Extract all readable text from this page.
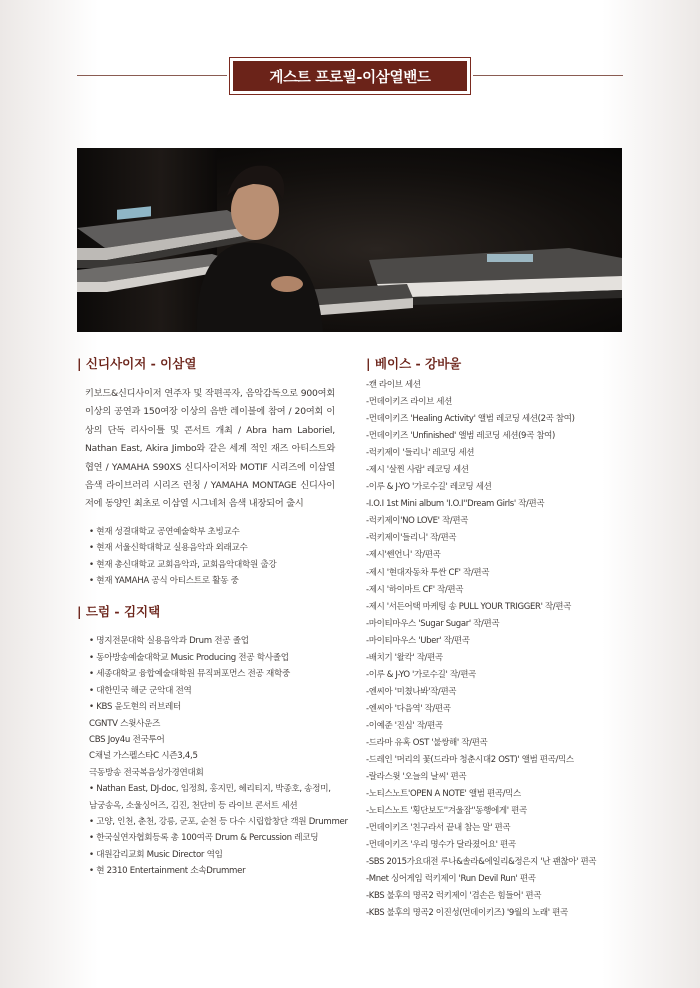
게스트 프로필-이삼열밴드
| 신디사이저 - 이삼열

키보드&신디사이저 연주자 및 작편곡자, 음악감독으로 900여회 이상의 공연과 150여장 이상의 음반 레이블에 참여 / 20여회 이상의 단독 리사이틀 및 콘서트 개최 / Abra ham Laboriel, Nathan East, Akira Jimbo와 같은 세계 적인 재즈 아티스트와 협연 / YAMAHA S90XS 신디사이저와 MOTIF 시리즈에 이삼열 음색 라이브러리 시리즈 런칭 / YAMAHA MONTAGE 신디사이저에 동양인 최초로 이삼열 시그네처 음색 내장되어 출시

• 현재 성결대학교 공연예술학부 초빙교수
• 현재 서울신학대학교 실용음악과 외래교수
• 현재 총신대학교 교회음악과, 교회음악대학원 출강
• 현재 YAMAHA 공식 아티스트로 활동 중
| 드럼 - 김지택
• 명지전문대학 실용음악과 Drum 전공 졸업
• 동아방송예술대학교 Music Producing 전공 학사졸업
• 세종대학교 융합예술대학원 뮤직퍼포먼스 전공 재학중
• 대한민국 해군 군악대 전역
• KBS 윤도현의 러브레터
CGNTV 스윗사운즈
CBS Joy4u 전국투어
C채널 가스펠스타C 시즌3,4,5
극동방송 전국복음성가경연대회
• Nathan East, DJ-doc, 임정희, 홍지민, 헤리티지, 박종호, 송정미,
남궁송옥, 소울싱어즈, 김진, 천단비 등 라이브 콘서트 세션
• 고양, 인천, 춘천, 강릉, 군포, 순천 등 다수 시립합창단 객원 Drummer
• 한국실연자협회등록 총 100여곡 Drum & Percussion 레코딩
• 대원감리교회 Music Director 역임
• 현 2310 Entertainment 소속Drummer
| 베이스 - 강바울
-캔 라이브 세션
-먼데이키즈 라이브 세션
-먼데이키즈 'Healing Activity' 앨범 레코딩 세션(2곡 참여)
-먼데이키즈 'Unfinished' 앨범 레코딩 세션(9곡 참여)
-럭키제이 '들리니' 레코딩 세션
-제시 '살찐 사람' 레코딩 세션
-이루 & J-YO '가로수길' 레코딩 세션
-I.O.I 1st Mini album 'I.O.I''Dream Girls' 작/편곡
-럭키제이'NO LOVE' 작/편곡
-럭키제이'들리니' 작/편곡
-제시'쎈언니' 작/편곡
-제시 '현대자동차 투싼 CF' 작/편곡
-제시 '하이마트 CF' 작/편곡
-제시 '서든어택 마케팅 송 PULL YOUR TRIGGER' 작/편곡
-마이티마우스 'Sugar Sugar' 작/편곡
-마이티마우스 'Uber' 작/편곡
-배치기 '왈칵' 작/편곡
-이루 & J-YO '가로수길' 작/편곡
-엔씨아 '미쳤나봐'작/편곡
-엔씨아 '다음역' 작/편곡
-이예준 '진심' 작/편곡
-드라마 유혹 OST '불쌍해' 작/편곡
-드레인 '머리의 꽃(드라마 청춘시대2 OST)' 앨범 편곡/믹스
-랄라스윗 '오늘의 날씨' 편곡
-노티스노트'OPEN A NOTE' 앨범 편곡/믹스
-노티스노트 '횡단보도''겨울잠''동행에게' 편곡
-먼데이키즈 '친구라서 끝내 참는 말' 편곡
-먼데이키즈 '우리 명수가 달라졌어요' 편곡
-SBS 2015가요대전 루나&솔라&에일리&정은지 '난 괜찮아' 편곡
-Mnet 싱어게임 럭키제이 'Run Devil Run' 편곡
-KBS 불후의 명곡2 럭키제이 '겸손은 힘들어' 편곡
-KBS 불후의 명곡2 이진성(먼데이키즈) '9월의 노래' 편곡
